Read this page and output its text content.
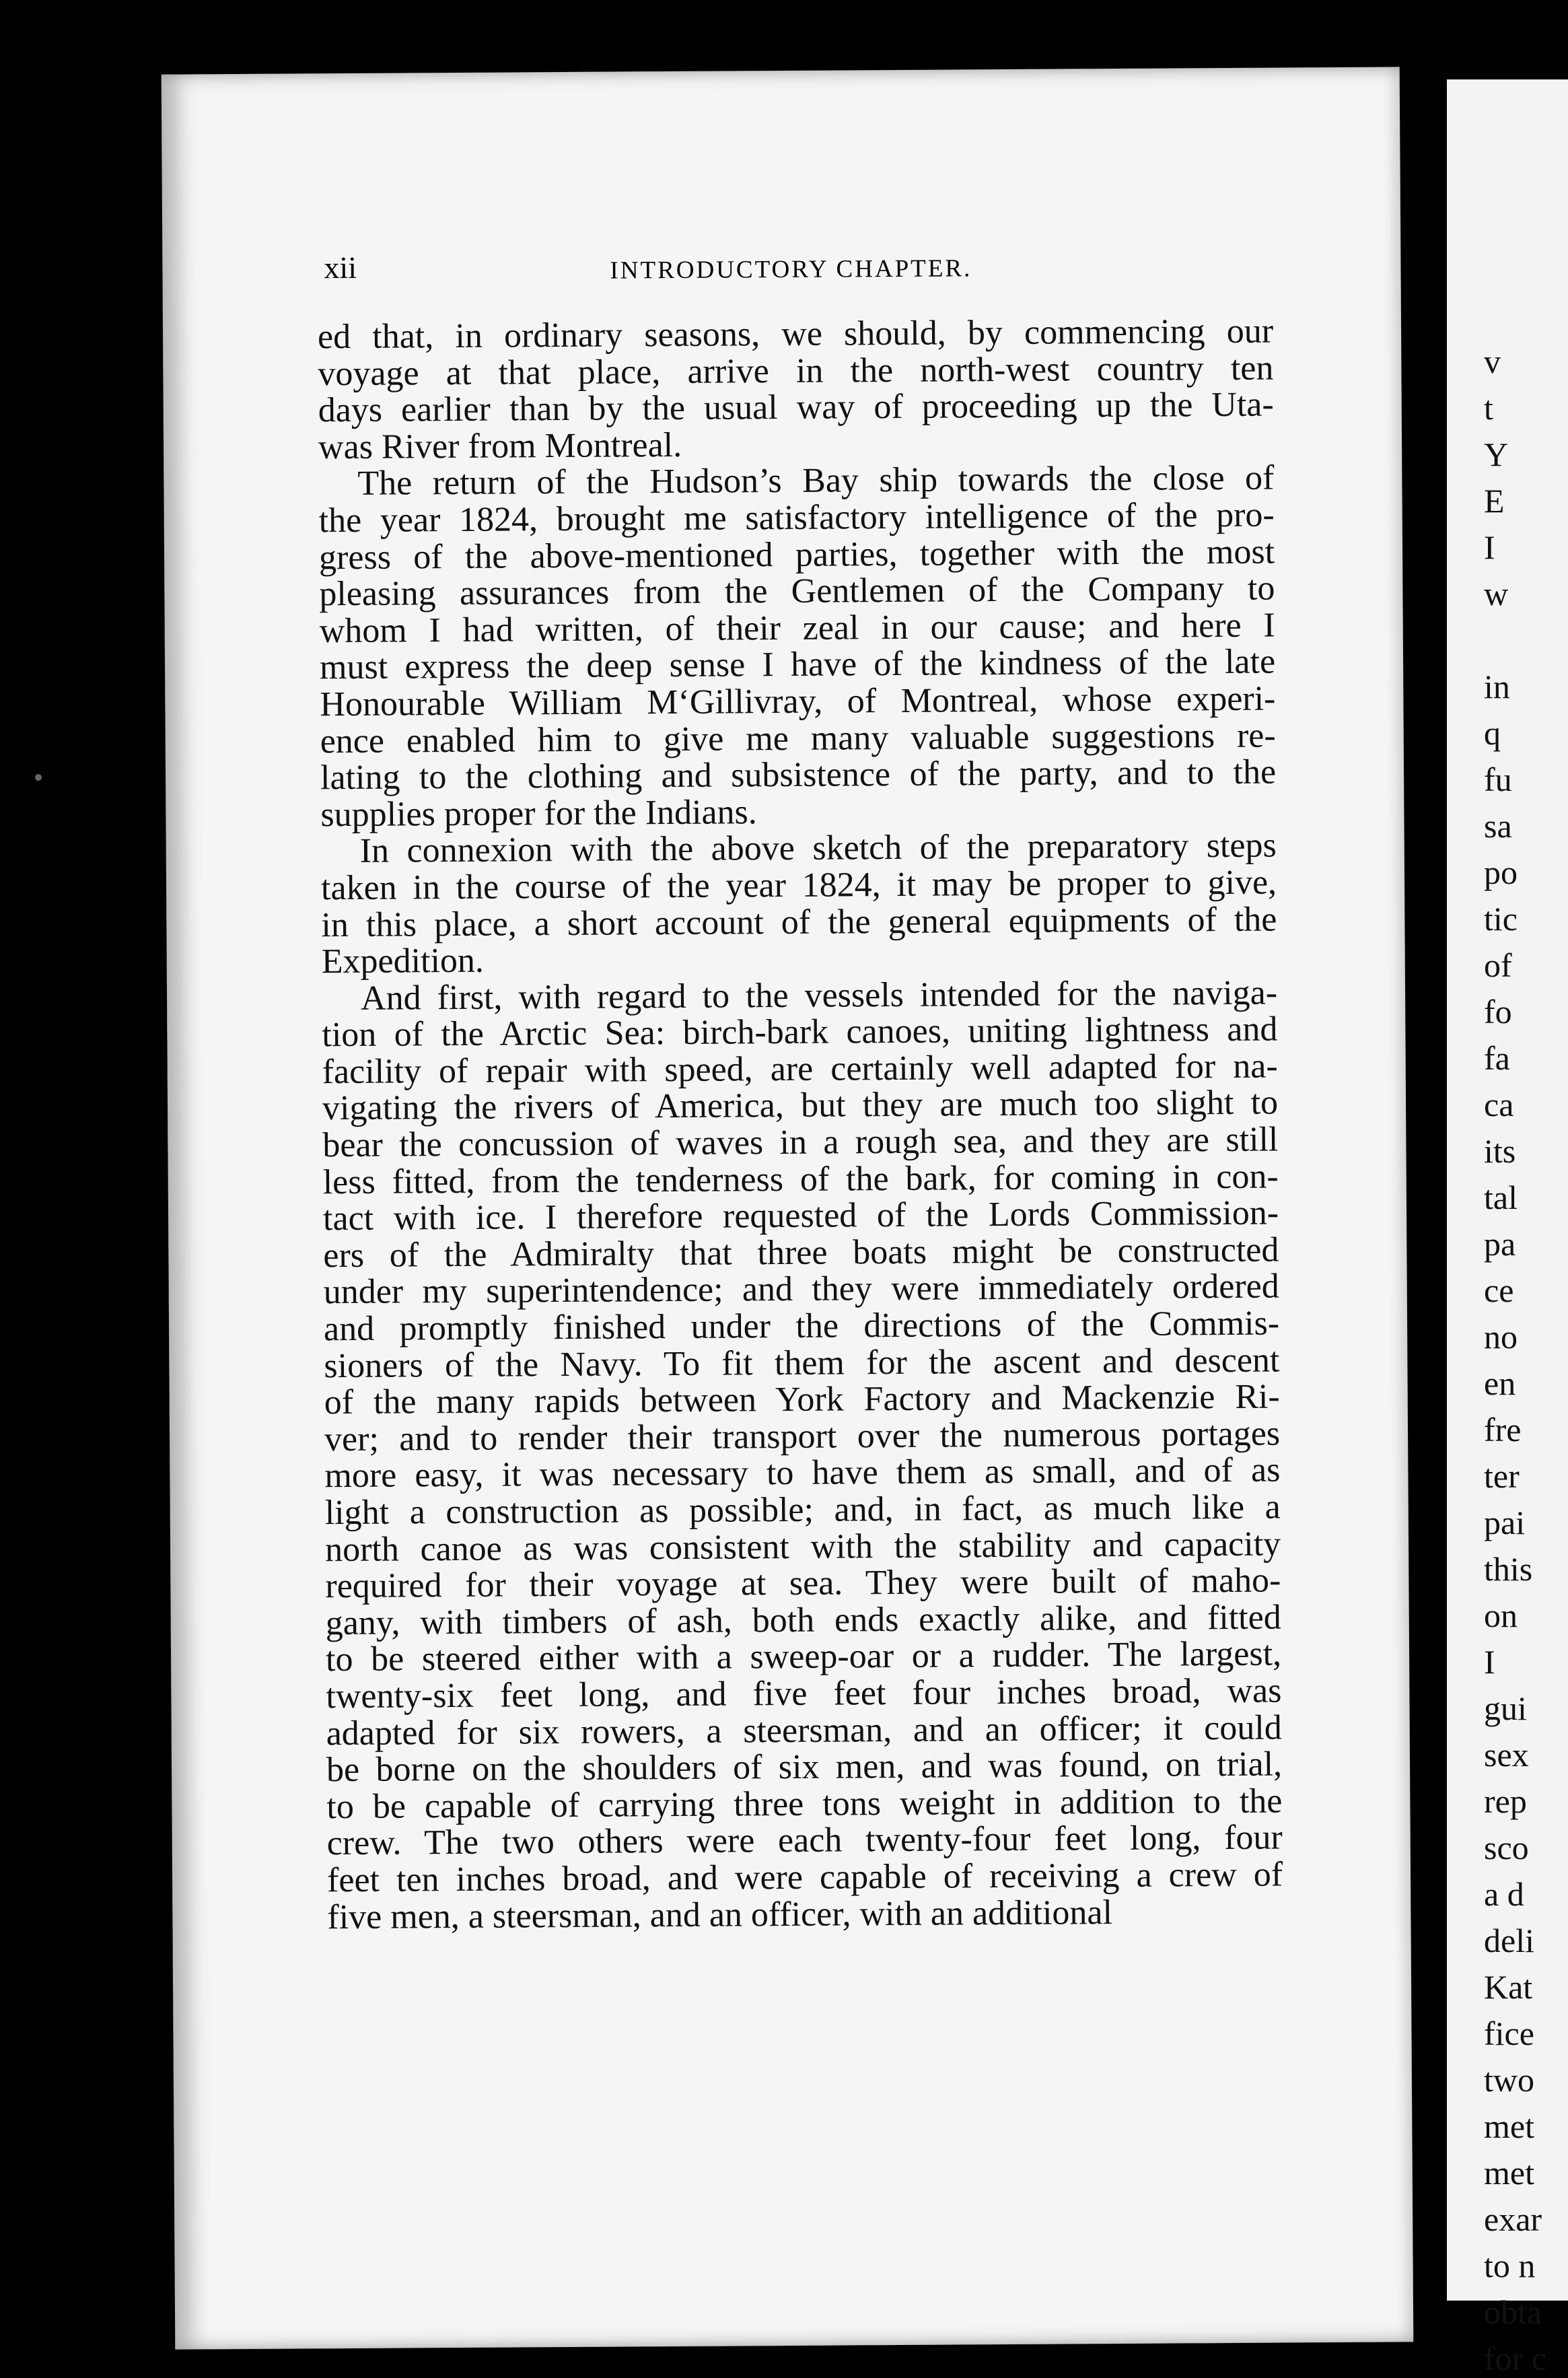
xii	INTRODUCTORY CHAPTER.
ed that, in ordinary seasons, we should, by commencing our
voyage at that place, arrive in the north-west country ten
days earlier than by the usual way of proceeding up the Uta-
was River from Montreal.
The return of the Hudson’s Bay ship towards the close of
the year 1824, brought me satisfactory intelligence of the pro-
gress of the above-mentioned parties, together with the most
pleasing assurances from the Gentlemen of the Company to
whom I had written, of their zeal in our cause; and here I
must express the deep sense I have of the kindness of the late
Honourable William M‘Gillivray, of Montreal, whose experi-
ence enabled him to give me many valuable suggestions re-
lating to the clothing and subsistence of the party, and to the
supplies proper for the Indians.
In connexion with the above sketch of the preparatory steps
taken in the course of the year 1824, it may be proper to give,
in this place, a short account of the general equipments of the
Expedition.
And first, with regard to the vessels intended for the naviga-
tion of the Arctic Sea: birch-bark canoes, uniting lightness and
facility of repair with speed, are certainly well adapted for na-
vigating the rivers of America, but they are much too slight to
bear the concussion of waves in a rough sea, and they are still
less fitted, from the tenderness of the bark, for coming in con-
tact with ice. I therefore requested of the Lords Commission-
ers of the Admiralty that three boats might be constructed
under my superintendence; and they were immediately ordered
and promptly finished under the directions of the Commis-
sioners of the Navy. To fit them for the ascent and descent
of the many rapids between York Factory and Mackenzie Ri-
ver; and to render their transport over the numerous portages
more easy, it was necessary to have them as small, and of as
light a construction as possible; and, in fact, as much like a
north canoe as was consistent with the stability and capacity
required for their voyage at sea. They were built of maho-
gany, with timbers of ash, both ends exactly alike, and fitted
to be steered either with a sweep-oar or a rudder. The largest,
twenty-six feet long, and five feet four inches broad, was
adapted for six rowers, a steersman, and an officer; it could
be borne on the shoulders of six men, and was found, on trial,
to be capable of carrying three tons weight in addition to the
crew. The two others were each twenty-four feet long, four
feet ten inches broad, and were capable of receiving a crew of
five men, a steersman, and an officer, with an additional
v
t
Y
E
I
w
in
q
fu
sa
po
tic
of
fo
fa
ca
its
tal
pa
ce
no
en
fre
ter
pai
this
on
I
gui
sex
rep
sco
a d
deli
Kat
fice
two
met
met
exar
to n
obta
for c
